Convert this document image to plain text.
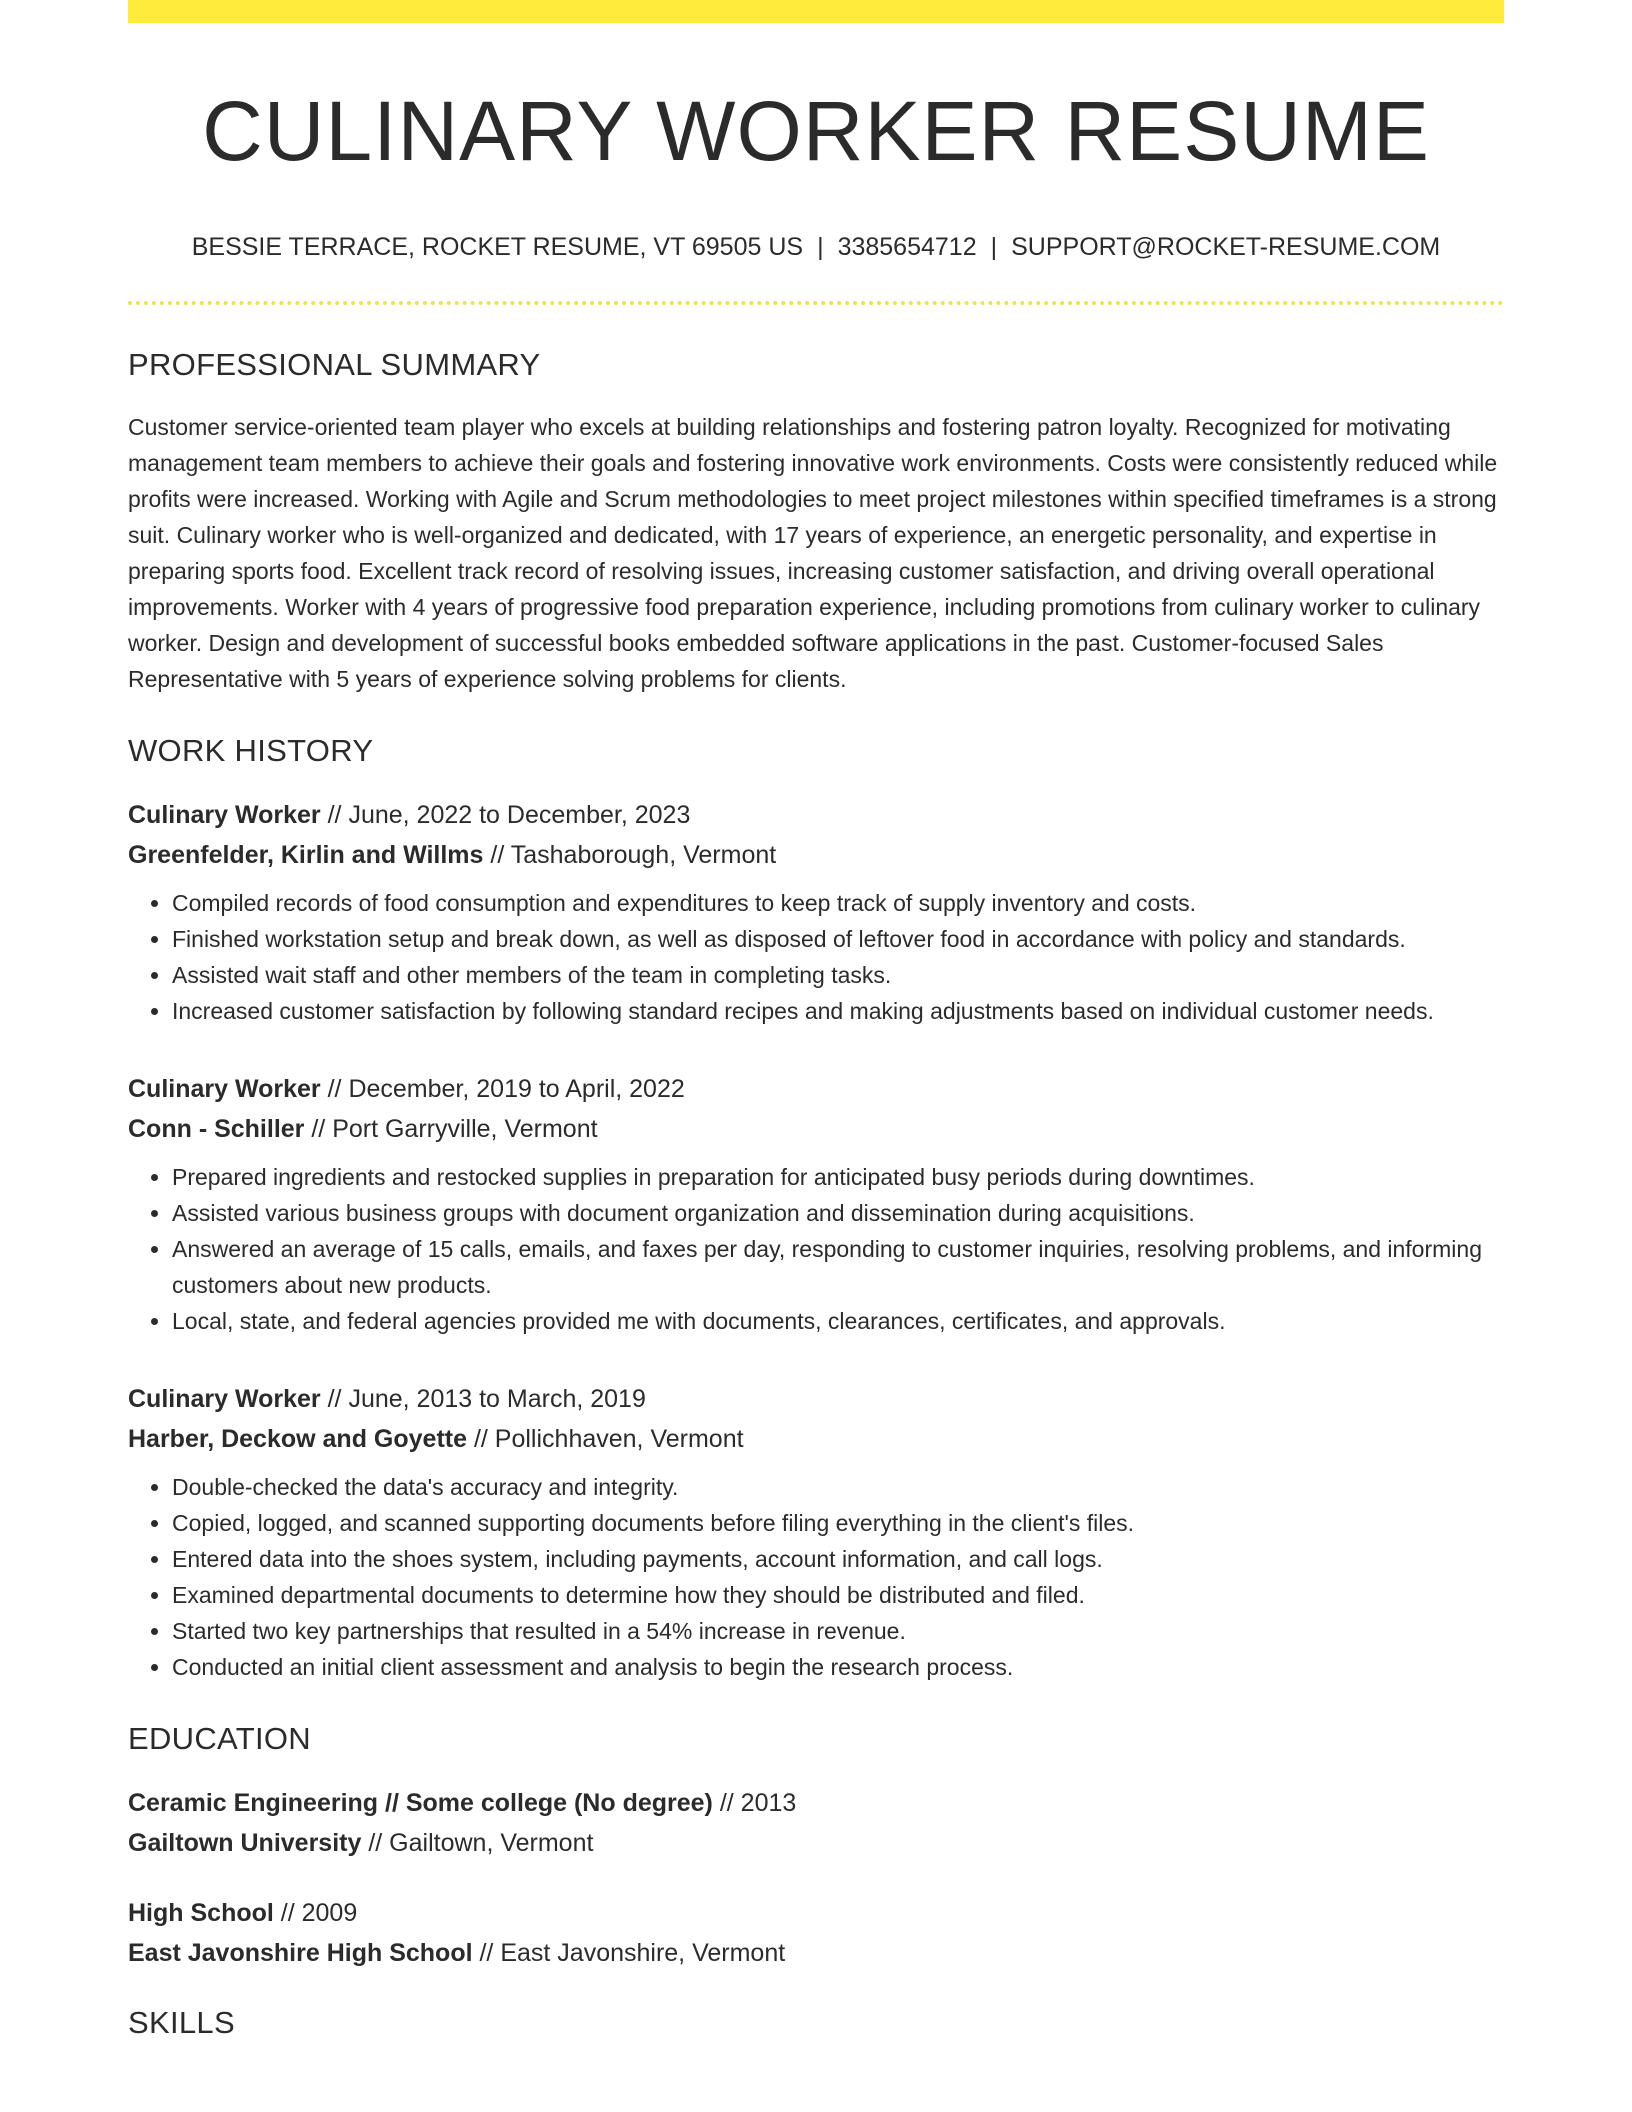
CULINARY WORKER RESUME
BESSIE TERRACE, ROCKET RESUME, VT 69505 US | 3385654712 | SUPPORT@ROCKET-RESUME.COM
PROFESSIONAL SUMMARY

Customer service-oriented team player who excels at building relationships and fostering patron loyalty. Recognized for motivating management team members to achieve their goals and fostering innovative work environments. Costs were consistently reduced while profits were increased. Working with Agile and Scrum methodologies to meet project milestones within specified timeframes is a strong suit. Culinary worker who is well-organized and dedicated, with 17 years of experience, an energetic personality, and expertise in preparing sports food. Excellent track record of resolving issues, increasing customer satisfaction, and driving overall operational improvements. Worker with 4 years of progressive food preparation experience, including promotions from culinary worker to culinary worker. Design and development of successful books embedded software applications in the past. Customer-focused Sales Representative with 5 years of experience solving problems for clients.

WORK HISTORY
Culinary Worker // June, 2022 to December, 2023
Greenfelder, Kirlin and Willms // Tashaborough, Vermont
• Compiled records of food consumption and expenditures to keep track of supply inventory and costs.
• Finished workstation setup and break down, as well as disposed of leftover food in accordance with policy and standards.
• Assisted wait staff and other members of the team in completing tasks.
• Increased customer satisfaction by following standard recipes and making adjustments based on individual customer needs.
Culinary Worker // December, 2019 to April, 2022
Conn - Schiller // Port Garryville, Vermont
• Prepared ingredients and restocked supplies in preparation for anticipated busy periods during downtimes.
• Assisted various business groups with document organization and dissemination during acquisitions.
• Answered an average of 15 calls, emails, and faxes per day, responding to customer inquiries, resolving problems, and informing customers about new products.
• Local, state, and federal agencies provided me with documents, clearances, certificates, and approvals.
Culinary Worker // June, 2013 to March, 2019
Harber, Deckow and Goyette // Pollichhaven, Vermont
• Double-checked the data's accuracy and integrity.
• Copied, logged, and scanned supporting documents before filing everything in the client's files.
• Entered data into the shoes system, including payments, account information, and call logs.
• Examined departmental documents to determine how they should be distributed and filed.
• Started two key partnerships that resulted in a 54% increase in revenue.
• Conducted an initial client assessment and analysis to begin the research process.
EDUCATION
Ceramic Engineering // Some college (No degree) // 2013
Gailtown University // Gailtown, Vermont
High School // 2009
East Javonshire High School // East Javonshire, Vermont
SKILLS
